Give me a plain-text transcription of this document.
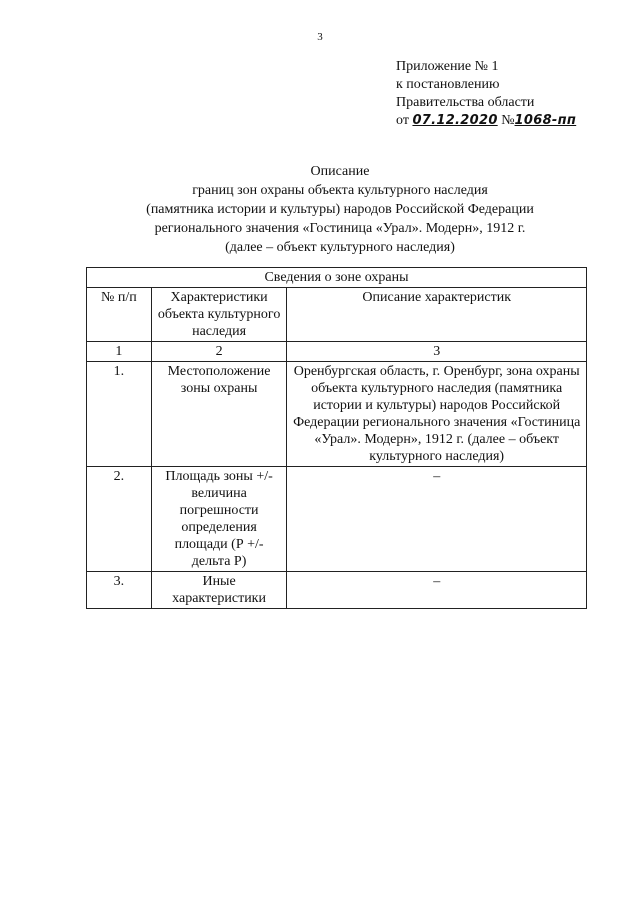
3
Приложение № 1
к постановлению
Правительства области
от 07.12.2020 №1068-пп
Описание
границ зон охраны объекта культурного наследия
(памятника истории и культуры) народов Российской Федерации
регионального значения «Гостиница «Урал». Модерн», 1912 г.
(далее – объект культурного наследия)
Сведения о зоне охраны		
№ п/п	Характеристики объекта культурного наследия	Описание характеристик
1	2	3
1.	Местоположение зоны охраны	Оренбургская область, г. Оренбург, зона охраны объекта культурного наследия (памятника истории и культуры) народов Российской Федерации регионального значения «Гостиница «Урал». Модерн», 1912 г. (далее – объект культурного наследия)
2.	Площадь зоны +/- величина погрешности определения площади (Р +/- дельта Р)	–
3.	Иные характеристики	–
